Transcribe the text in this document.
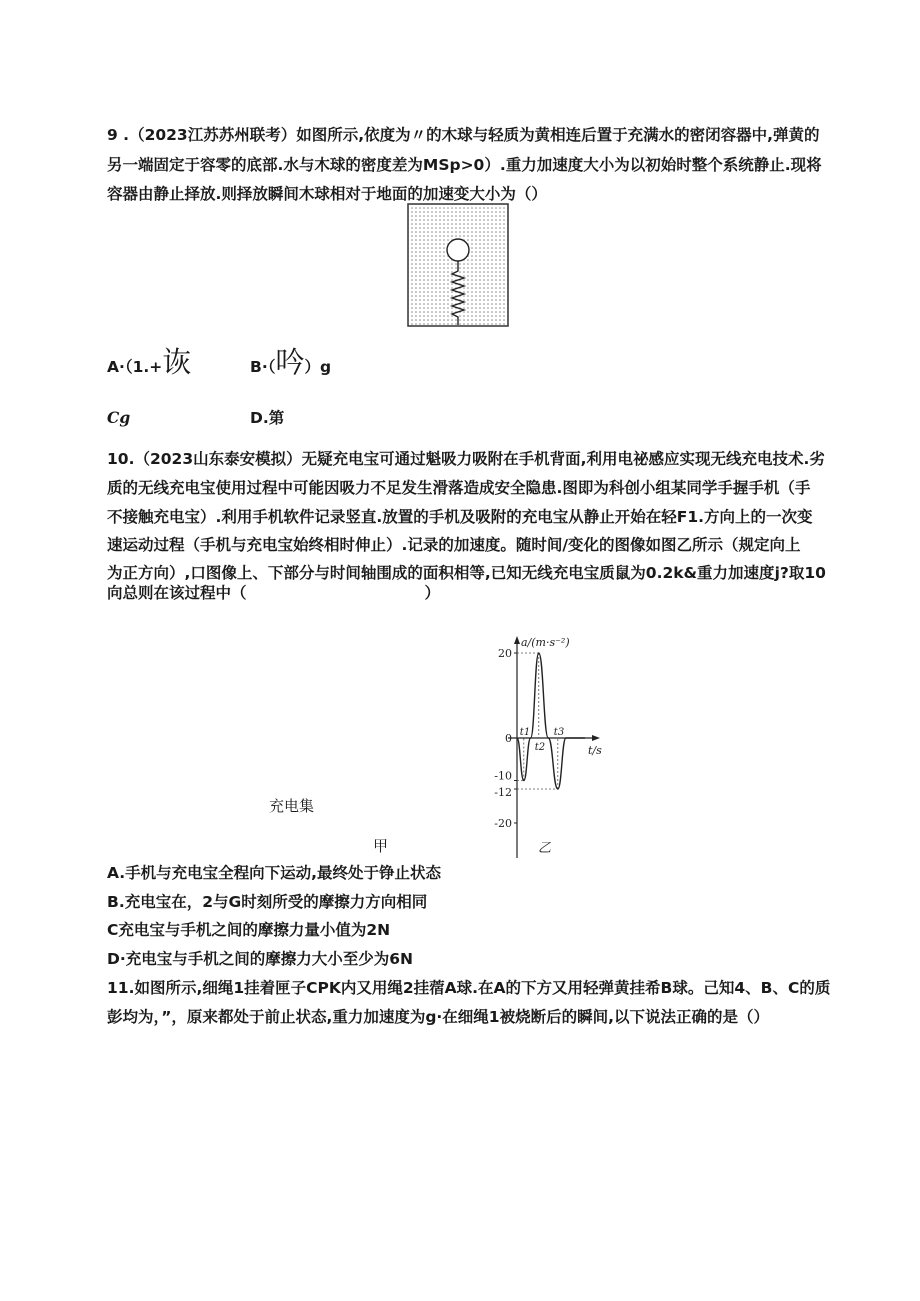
9 .（2023江苏苏州联考）如图所示,依度为〃的木球与轻质为黄相连后置于充满水的密闭容器中,弹黄的
另一端固定于容零的底部.水与木球的密度差为MSp>0）.重力加速度大小为以初始时整个系统静止.现将
容器由静止择放.则择放瞬间木球相对于地面的加速变大小为（）
A·（1.+诙	B·（吟）g
Cg	D.第
10.（2023山东泰安模拟）无疑充电宝可通过魁吸力吸附在手机背面,利用电祕感应实现无线充电技术.劣
质的无线充电宝使用过程中可能因吸力不足发生滑落造成安全隐患.图即为科创小组某同学手握手机（手
不接触充电宝）.利用手机软件记录竖直.放置的手机及吸附的充电宝从静止开始在轻F1.方向上的一次变
速运动过程（手机与充电宝始终相时伸止）.记录的加速度。随时间/变化的图像如图乙所示（规定向上
为正方向）,口图像上、下部分与时间轴围成的面积相等,已知无线充电宝质鼠为0.2k&重力加速度j?取10
向总则在该过程中（	）
充电集
甲
a/(m·s⁻²)
t/s
20
0
-10
-12
-20
t1
t2
t3
乙
A.手机与充电宝全程向下运动,最终处于铮止状态
B.充电宝在，2与G时刻所受的摩擦力方向相同
C充电宝与手机之间的摩擦力量小值为2N
D·充电宝与手机之间的摩擦力大小至少为6N
11.如图所示,细绳1挂着匣子CPK内又用绳2挂蓿A球.在A的下方又用轻弹黄挂希B球。己知4、B、C的质
彭均为，”，原来都处于前止状态,重力加速度为g·在细绳1被烧断后的瞬间,以下说法正确的是（）
